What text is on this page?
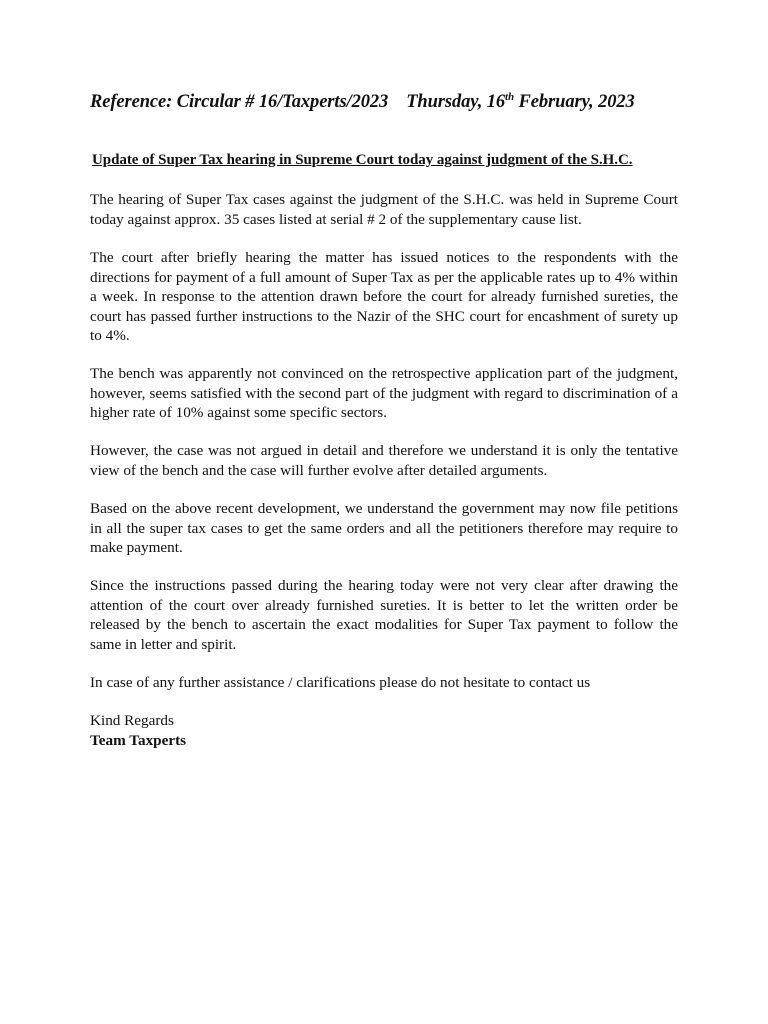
Reference: Circular # 16/Taxperts/2023 Thursday, 16th February, 2023
Update of Super Tax hearing in Supreme Court today against judgment of the S.H.C.

The hearing of Super Tax cases against the judgment of the S.H.C. was held in Supreme Court today against approx. 35 cases listed at serial # 2 of the supplementary cause list.

The court after briefly hearing the matter has issued notices to the respondents with the directions for payment of a full amount of Super Tax as per the applicable rates up to 4% within a week. In response to the attention drawn before the court for already furnished sureties, the court has passed further instructions to the Nazir of the SHC court for encashment of surety up to 4%.

The bench was apparently not convinced on the retrospective application part of the judgment, however, seems satisfied with the second part of the judgment with regard to discrimination of a higher rate of 10% against some specific sectors.

However, the case was not argued in detail and therefore we understand it is only the tentative view of the bench and the case will further evolve after detailed arguments.

Based on the above recent development, we understand the government may now file petitions in all the super tax cases to get the same orders and all the petitioners therefore may require to make payment.

Since the instructions passed during the hearing today were not very clear after drawing the attention of the court over already furnished sureties. It is better to let the written order be released by the bench to ascertain the exact modalities for Super Tax payment to follow the same in letter and spirit.

In case of any further assistance / clarifications please do not hesitate to contact us

Kind Regards
Team Taxperts
